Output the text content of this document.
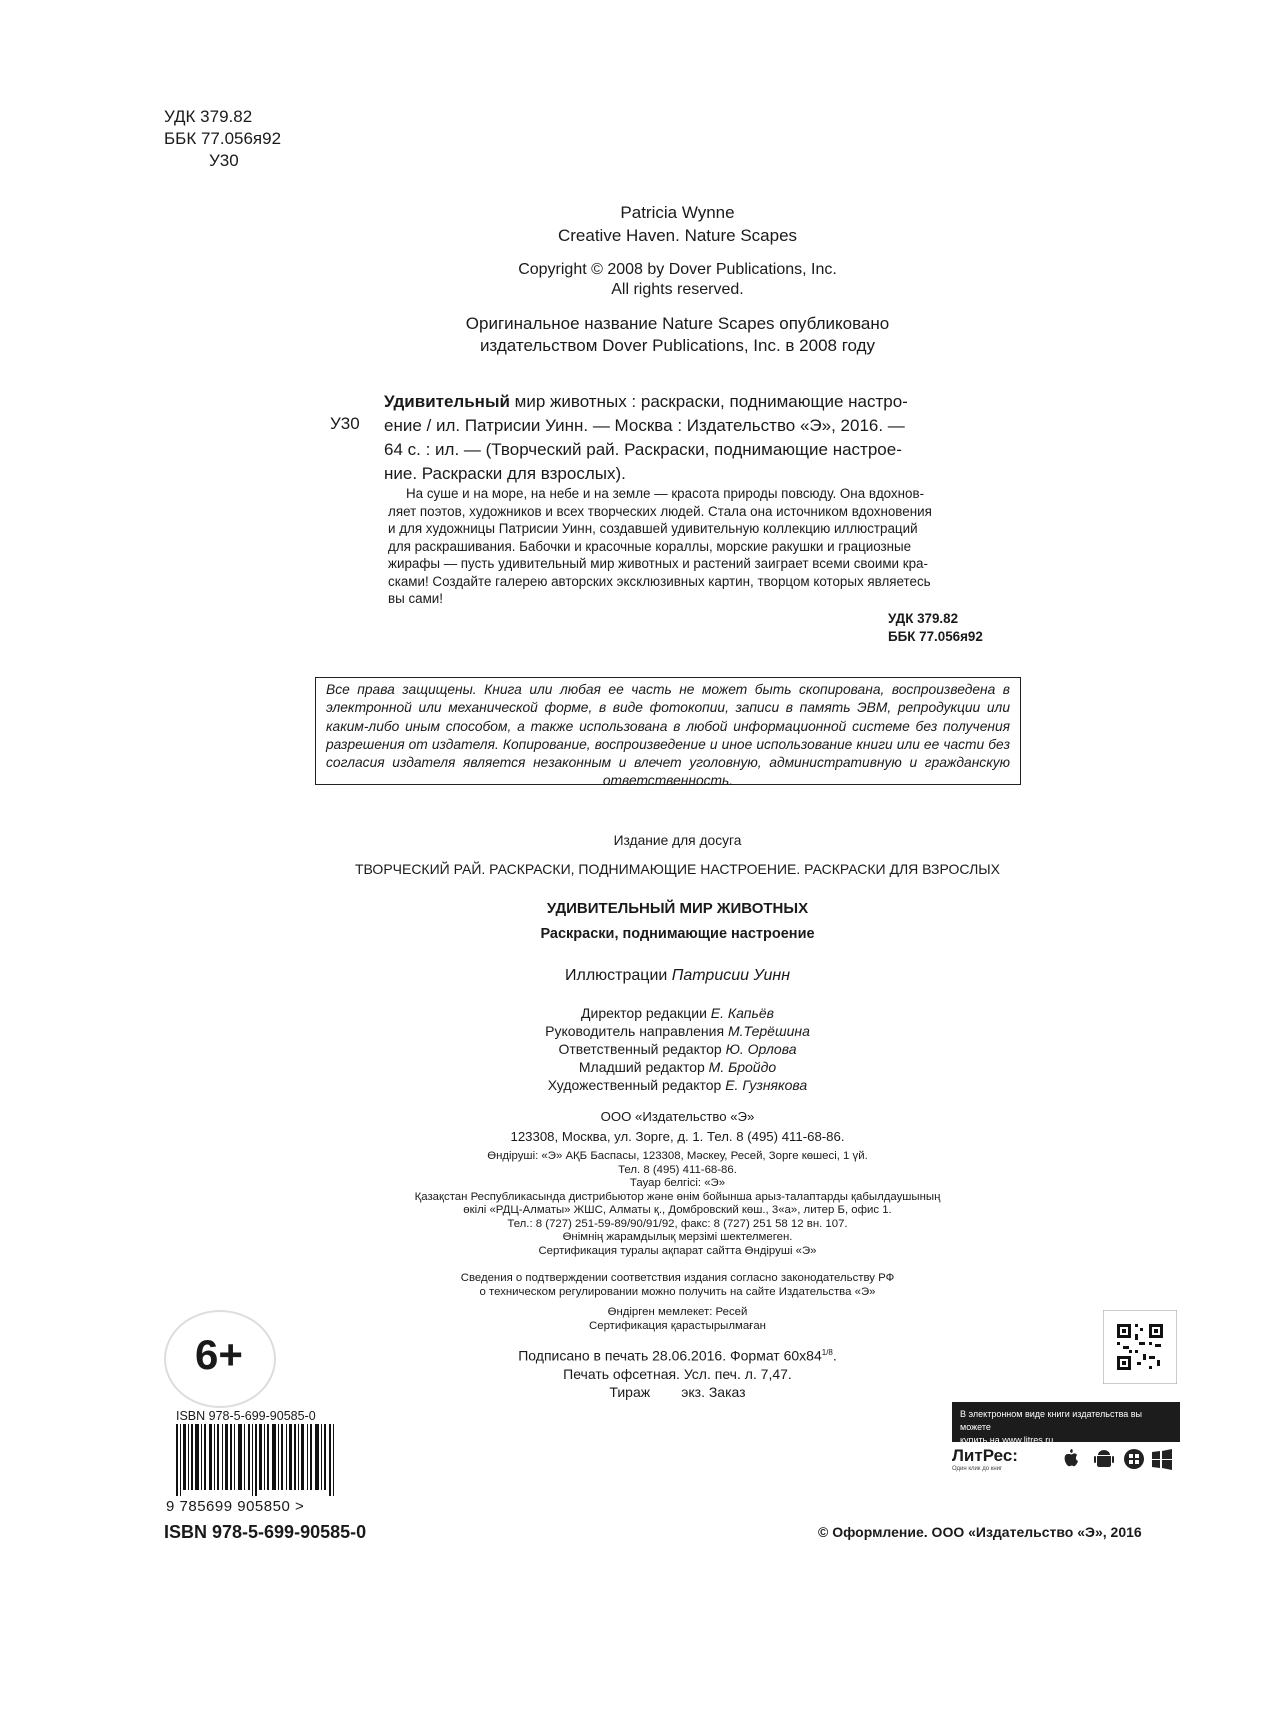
УДК 379.82
ББК 77.056я92
У30
Patricia Wynne
Creative Haven. Nature Scapes
Copyright © 2008 by Dover Publications, Inc.
All rights reserved.
Оригинальное название Nature Scapes опубликовано
издательством Dover Publications, Inc. в 2008 году
У30
Удивительный мир животных : раскраски, поднимающие настро-
ение / ил. Патрисии Уинн. — Москва : Издательство «Э», 2016. —
64 с. : ил. — (Творческий рай. Раскраски, поднимающие настрое-
ние. Раскраски для взрослых).
На суше и на море, на небе и на земле — красота природы повсюду. Она вдохнов-
ляет поэтов, художников и всех творческих людей. Стала она источником вдохновения
и для художницы Патрисии Уинн, создавшей удивительную коллекцию иллюстраций
для раскрашивания. Бабочки и красочные кораллы, морские ракушки и грациозные
жирафы — пусть удивительный мир животных и растений заиграет всеми своими кра-
сками! Создайте галерею авторских эксклюзивных картин, творцом которых являетесь
вы сами!
УДК 379.82
ББК 77.056я92
Все права защищены. Книга или любая ее часть не может быть скопирована, воспроизведена в электронной или механической форме, в виде фотокопии, записи в память ЭВМ, репродукции или каким-либо иным способом, а также использована в любой информационной системе без получения разрешения от издателя. Копирование, воспроизведение и иное использование книги или ее части без согласия издателя является незаконным и влечет уголовную, административную и гражданскую ответственность.
Издание для досуга
ТВОРЧЕСКИЙ РАЙ. РАСКРАСКИ, ПОДНИМАЮЩИЕ НАСТРОЕНИЕ. РАСКРАСКИ ДЛЯ ВЗРОСЛЫХ
УДИВИТЕЛЬНЫЙ МИР ЖИВОТНЫХ
Раскраски, поднимающие настроение
Иллюстрации Патрисии Уинн
Директор редакции Е. Капьёв
Руководитель направления М.Терёшина
Ответственный редактор Ю. Орлова
Младший редактор М. Бройдо
Художественный редактор Е. Гузнякова
ООО «Издательство «Э»
123308, Москва, ул. Зорге, д. 1. Тел. 8 (495) 411-68-86.
Өндіруші: «Э» АҚБ Баспасы, 123308, Мәскеу, Ресей, Зорге көшесі, 1 үй.
Тел. 8 (495) 411-68-86.
Тауар белгісі: «Э»
Қазақстан Республикасында дистрибьютор және өнім бойынша арыз-талаптарды қабылдаушының
өкілі «РДЦ-Алматы» ЖШС, Алматы қ., Домбровский көш., 3«а», литер Б, офис 1.
Тел.: 8 (727) 251-59-89/90/91/92, факс: 8 (727) 251 58 12 вн. 107.
Өнімнің жарамдылық мерзімі шектелмеген.
Сертификация туралы ақпарат сайтта Өндіруші «Э»
Сведения о подтверждении соответствия издания согласно законодательству РФ
о техническом регулировании можно получить на сайте Издательства «Э»
Өндірген мемлекет: Ресей
Сертификация қарастырылмаған
Подписано в печать 28.06.2016. Формат $60x84^{1/8}$.
Печать офсетная. Усл. печ. л. 7,47.
Тираж        экз. Заказ
6+
ISBN 978-5-699-90585-0
9 785699 905850 >
ISBN 978-5-699-90585-0
В электронном виде книги издательства вы можете
купить на www.litres.ru
ЛитРес:
Один клик до книг
© Оформление. ООО «Издательство «Э», 2016
